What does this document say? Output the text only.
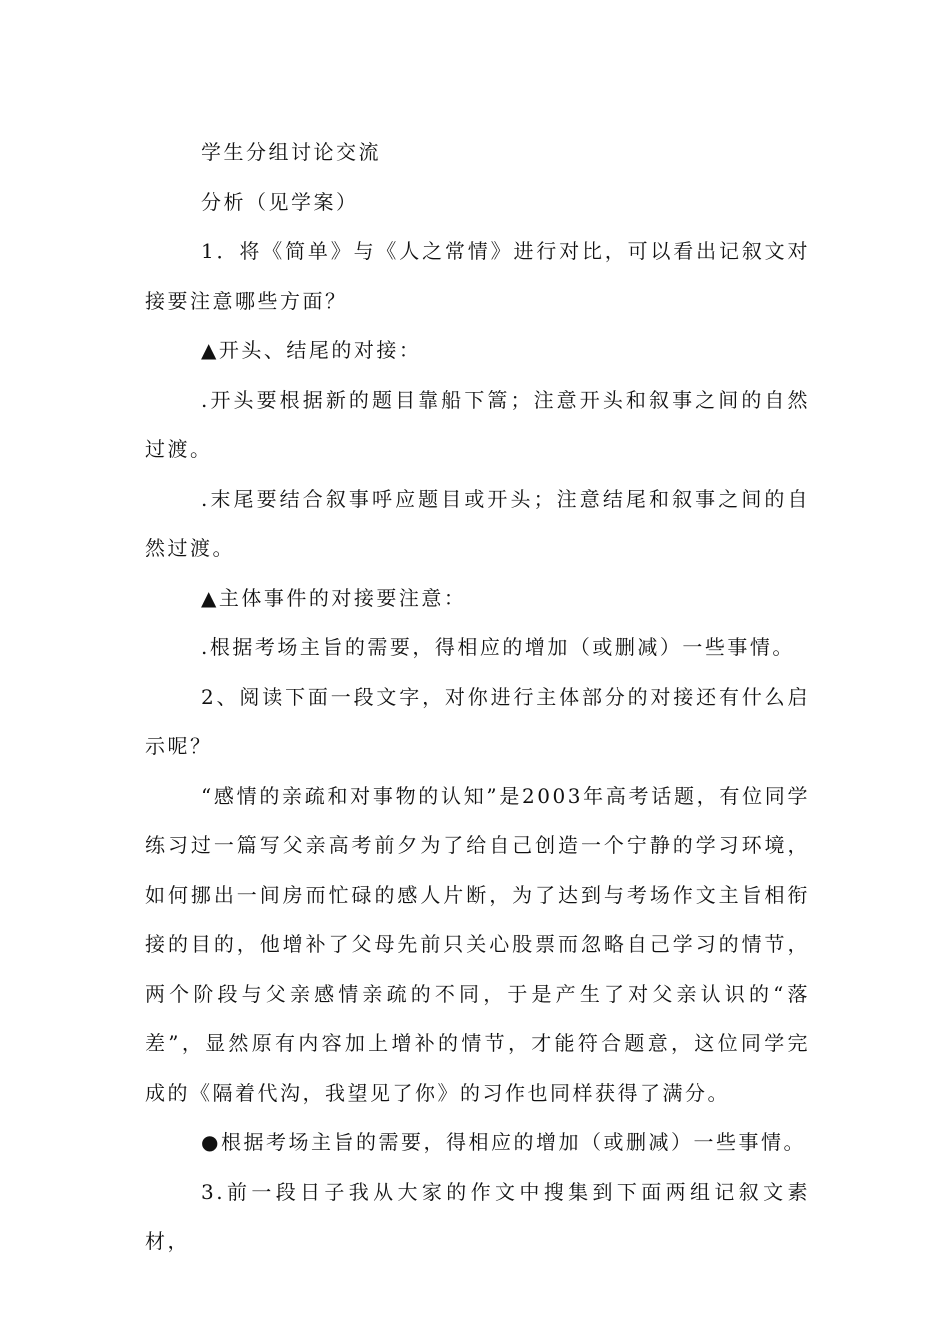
学生分组讨论交流

分析（见学案）

1．将《简单》与《人之常情》进行对比，可以看出记叙文对接要注意哪些方面？

▲开头、结尾的对接：

.开头要根据新的题目靠船下篙；注意开头和叙事之间的自然过渡。

.末尾要结合叙事呼应题目或开头；注意结尾和叙事之间的自然过渡。

▲主体事件的对接要注意：

.根据考场主旨的需要，得相应的增加（或删减）一些事情。

2、阅读下面一段文字，对你进行主体部分的对接还有什么启示呢？

“感情的亲疏和对事物的认知”是2003年高考话题，有位同学练习过一篇写父亲高考前夕为了给自己创造一个宁静的学习环境，如何挪出一间房而忙碌的感人片断，为了达到与考场作文主旨相衔接的目的，他增补了父母先前只关心股票而忽略自己学习的情节，两个阶段与父亲感情亲疏的不同，于是产生了对父亲认识的“落差”，显然原有内容加上增补的情节，才能符合题意，这位同学完成的《隔着代沟，我望见了你》的习作也同样获得了满分。

●根据考场主旨的需要，得相应的增加（或删减）一些事情。

3.前一段日子我从大家的作文中搜集到下面两组记叙文素材，
